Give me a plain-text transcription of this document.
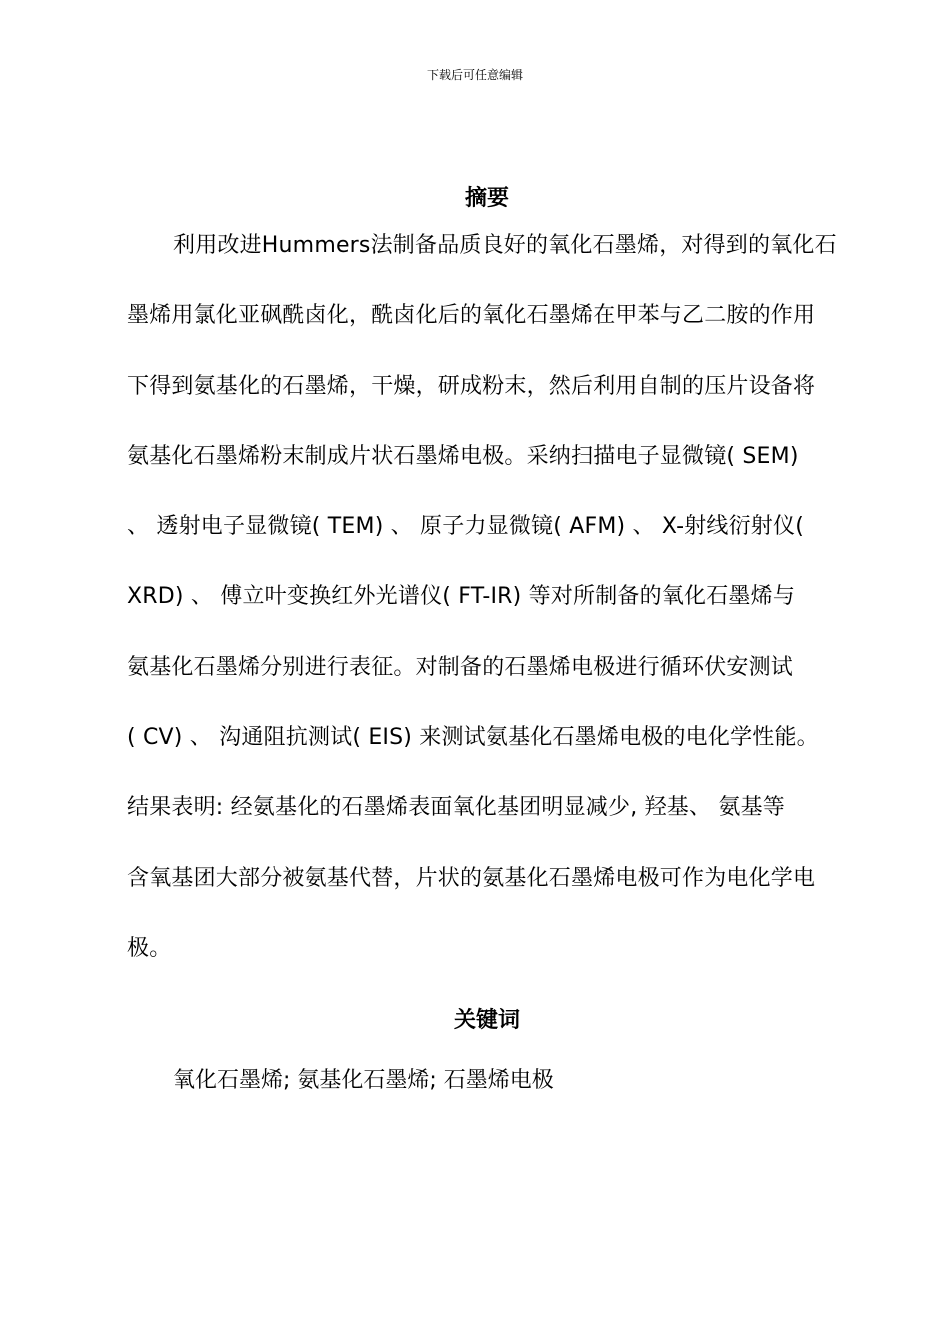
下载后可任意编辑
摘要
利用改进Hummers法制备品质良好的氧化石墨烯，对得到的氧化石
墨烯用氯化亚砜酰卤化，酰卤化后的氧化石墨烯在甲苯与乙二胺的作用
下得到氨基化的石墨烯，干燥，研成粉末，然后利用自制的压片设备将
氨基化石墨烯粉末制成片状石墨烯电极。采纳扫描电子显微镜( SEM)
、 透射电子显微镜( TEM) 、 原子力显微镜( AFM) 、 X-射线衍射仪(
XRD) 、 傅立叶变换红外光谱仪( FT-IR) 等对所制备的氧化石墨烯与
氨基化石墨烯分别进行表征。对制备的石墨烯电极进行循环伏安测试
( CV) 、 沟通阻抗测试( EIS) 来测试氨基化石墨烯电极的电化学性能。
结果表明: 经氨基化的石墨烯表面氧化基团明显减少, 羟基、 氨基等
含氧基团大部分被氨基代替，片状的氨基化石墨烯电极可作为电化学电
极。
关键词
氧化石墨烯; 氨基化石墨烯; 石墨烯电极
